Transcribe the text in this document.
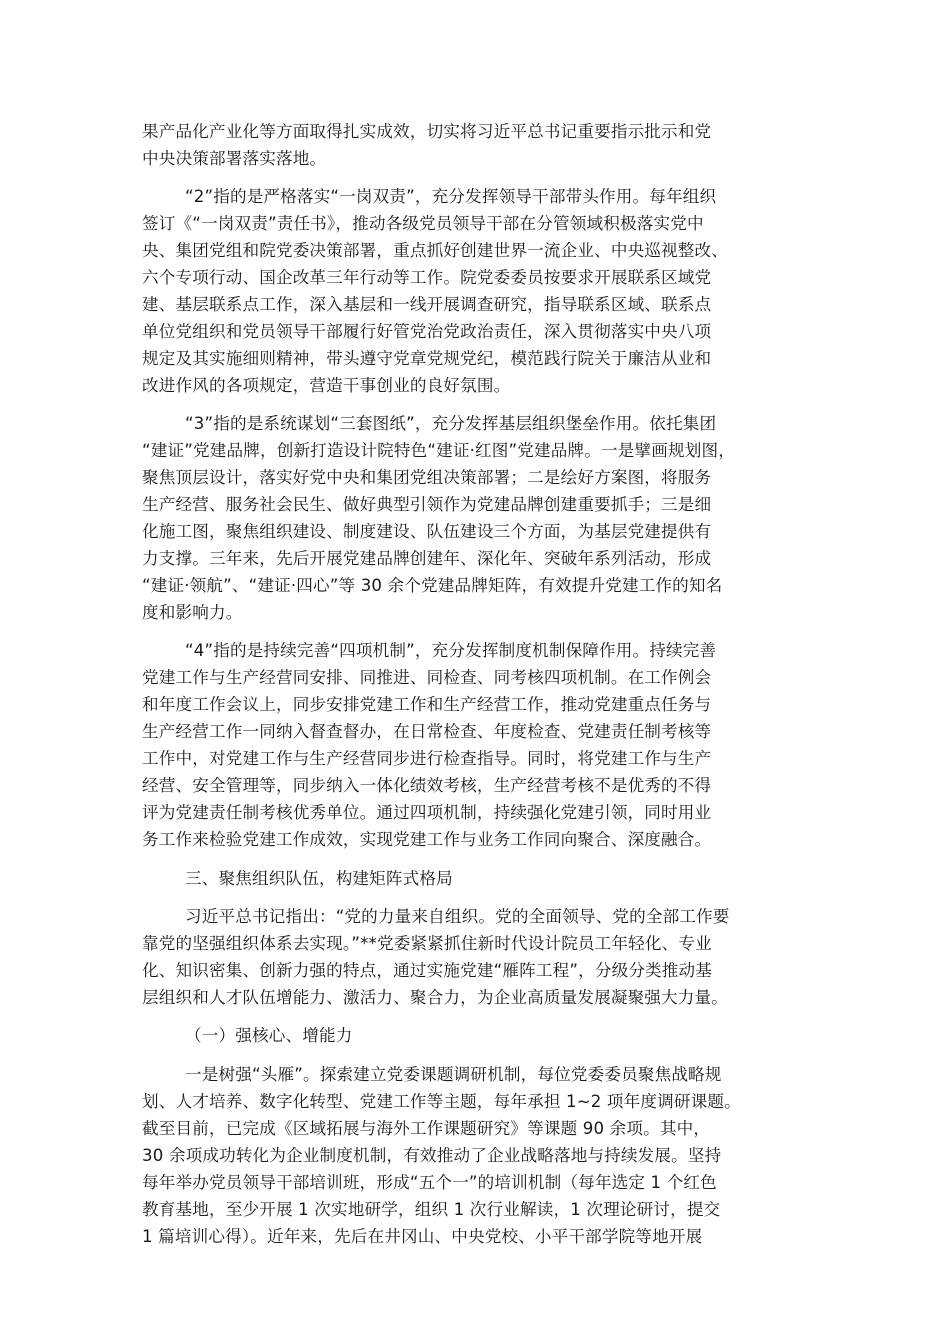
果产品化产业化等方面取得扎实成效，切实将习近平总书记重要指示批示和党
中央决策部署落实落地。
“2”指的是严格落实“一岗双责”，充分发挥领导干部带头作用。每年组织
签订《“一岗双责”责任书》，推动各级党员领导干部在分管领域积极落实党中
央、集团党组和院党委决策部署，重点抓好创建世界一流企业、中央巡视整改、
六个专项行动、国企改革三年行动等工作。院党委委员按要求开展联系区域党
建、基层联系点工作，深入基层和一线开展调查研究，指导联系区域、联系点
单位党组织和党员领导干部履行好管党治党政治责任，深入贯彻落实中央八项
规定及其实施细则精神，带头遵守党章党规党纪，模范践行院关于廉洁从业和
改进作风的各项规定，营造干事创业的良好氛围。
“3”指的是系统谋划“三套图纸”，充分发挥基层组织堡垒作用。依托集团
“建证”党建品牌，创新打造设计院特色“建证·红图”党建品牌。一是擘画规划图，
聚焦顶层设计，落实好党中央和集团党组决策部署；二是绘好方案图，将服务
生产经营、服务社会民生、做好典型引领作为党建品牌创建重要抓手；三是细
化施工图，聚焦组织建设、制度建设、队伍建设三个方面，为基层党建提供有
力支撑。三年来，先后开展党建品牌创建年、深化年、突破年系列活动，形成
“建证·领航”、“建证·四心”等 30 余个党建品牌矩阵，有效提升党建工作的知名
度和影响力。
“4”指的是持续完善“四项机制”，充分发挥制度机制保障作用。持续完善
党建工作与生产经营同安排、同推进、同检查、同考核四项机制。在工作例会
和年度工作会议上，同步安排党建工作和生产经营工作，推动党建重点任务与
生产经营工作一同纳入督查督办，在日常检查、年度检查、党建责任制考核等
工作中，对党建工作与生产经营同步进行检查指导。同时，将党建工作与生产
经营、安全管理等，同步纳入一体化绩效考核，生产经营考核不是优秀的不得
评为党建责任制考核优秀单位。通过四项机制，持续强化党建引领，同时用业
务工作来检验党建工作成效，实现党建工作与业务工作同向聚合、深度融合。
三、聚焦组织队伍，构建矩阵式格局
习近平总书记指出：“党的力量来自组织。党的全面领导、党的全部工作要
靠党的坚强组织体系去实现。”**党委紧紧抓住新时代设计院员工年轻化、专业
化、知识密集、创新力强的特点，通过实施党建“雁阵工程”，分级分类推动基
层组织和人才队伍增能力、激活力、聚合力，为企业高质量发展凝聚强大力量。
（一）强核心、增能力
一是树强“头雁”。探索建立党委课题调研机制，每位党委委员聚焦战略规
划、人才培养、数字化转型、党建工作等主题，每年承担 1~2 项年度调研课题。
截至目前，已完成《区域拓展与海外工作课题研究》等课题 90 余项。其中，
30 余项成功转化为企业制度机制，有效推动了企业战略落地与持续发展。坚持
每年举办党员领导干部培训班，形成“五个一”的培训机制（每年选定 1 个红色
教育基地，至少开展 1 次实地研学，组织 1 次行业解读，1 次理论研讨，提交
1 篇培训心得）。近年来，先后在井冈山、中央党校、小平干部学院等地开展
